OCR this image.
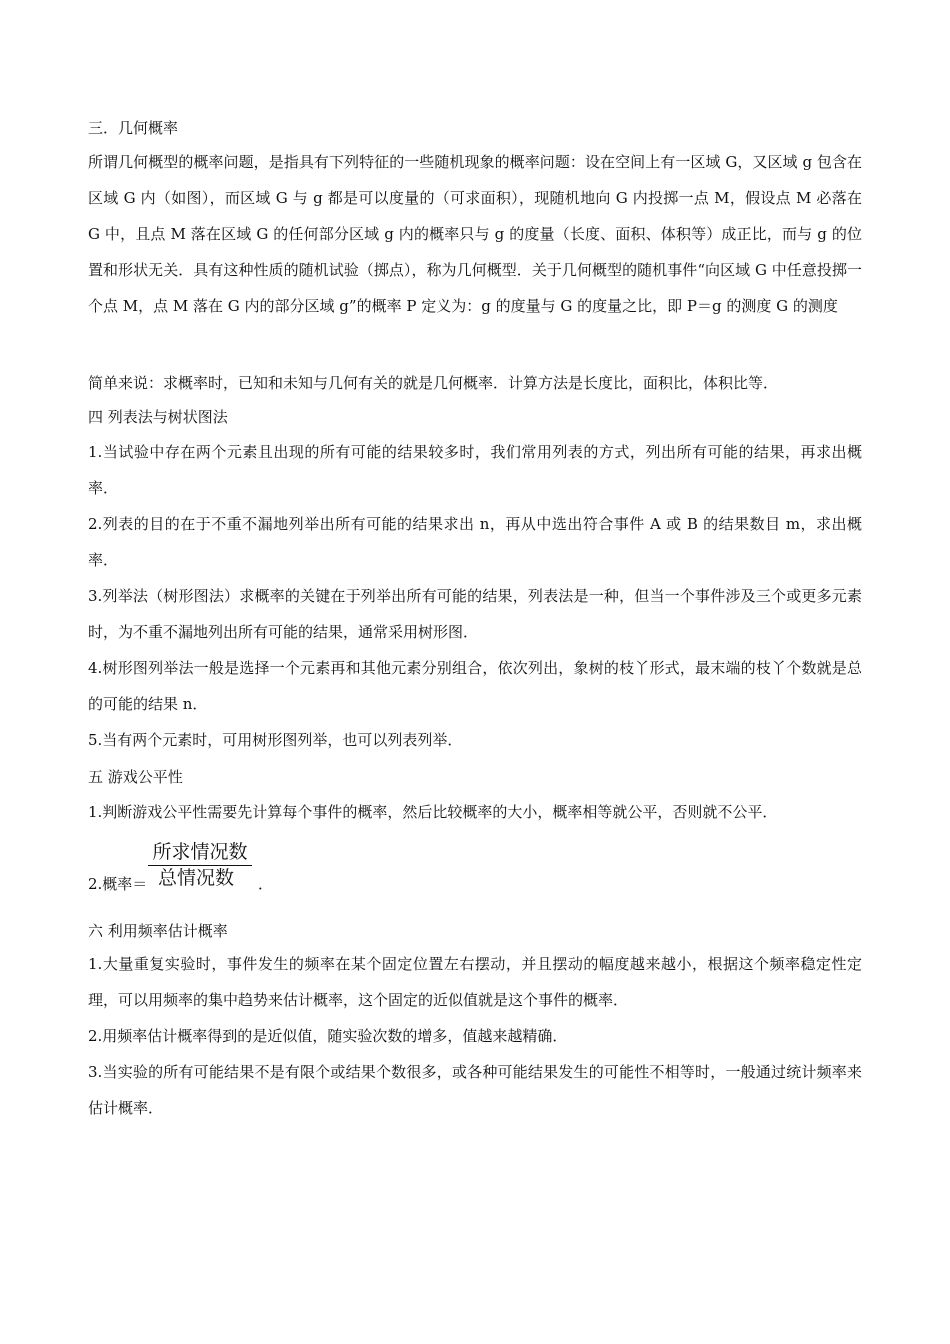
三．几何概率
所谓几何概型的概率问题，是指具有下列特征的一些随机现象的概率问题：设在空间上有一区域 G，又区域 g 包含在区域 G 内（如图），而区域 G 与 g 都是可以度量的（可求面积），现随机地向 G 内投掷一点 M，假设点 M 必落在 G 中，且点 M 落在区域 G 的任何部分区域 g 内的概率只与 g 的度量（长度、面积、体积等）成正比，而与 g 的位置和形状无关．具有这种性质的随机试验（掷点），称为几何概型．关于几何概型的随机事件“向区域 G 中任意投掷一个点 M，点 M 落在 G 内的部分区域 g”的概率 P 定义为：g 的度量与 G 的度量之比，即 P＝g 的测度 G 的测度
简单来说：求概率时，已知和未知与几何有关的就是几何概率．计算方法是长度比，面积比，体积比等．
四 列表法与树状图法
1.当试验中存在两个元素且出现的所有可能的结果较多时，我们常用列表的方式，列出所有可能的结果，再求出概率．
2.列表的目的在于不重不漏地列举出所有可能的结果求出 n，再从中选出符合事件 A 或 B 的结果数目 m，求出概率．
3.列举法（树形图法）求概率的关键在于列举出所有可能的结果，列表法是一种，但当一个事件涉及三个或更多元素时，为不重不漏地列出所有可能的结果，通常采用树形图．
4.树形图列举法一般是选择一个元素再和其他元素分别组合，依次列出，象树的枝丫形式，最末端的枝丫个数就是总的可能的结果 n．
5.当有两个元素时，可用树形图列举，也可以列表列举．
五 游戏公平性
1.判断游戏公平性需要先计算每个事件的概率，然后比较概率的大小，概率相等就公平，否则就不公平．
2.概率＝
所求情况数
总情况数	．
六 利用频率估计概率
1.大量重复实验时，事件发生的频率在某个固定位置左右摆动，并且摆动的幅度越来越小，根据这个频率稳定性定理，可以用频率的集中趋势来估计概率，这个固定的近似值就是这个事件的概率．
2.用频率估计概率得到的是近似值，随实验次数的增多，值越来越精确．
3.当实验的所有可能结果不是有限个或结果个数很多，或各种可能结果发生的可能性不相等时，一般通过统计频率来估计概率．
